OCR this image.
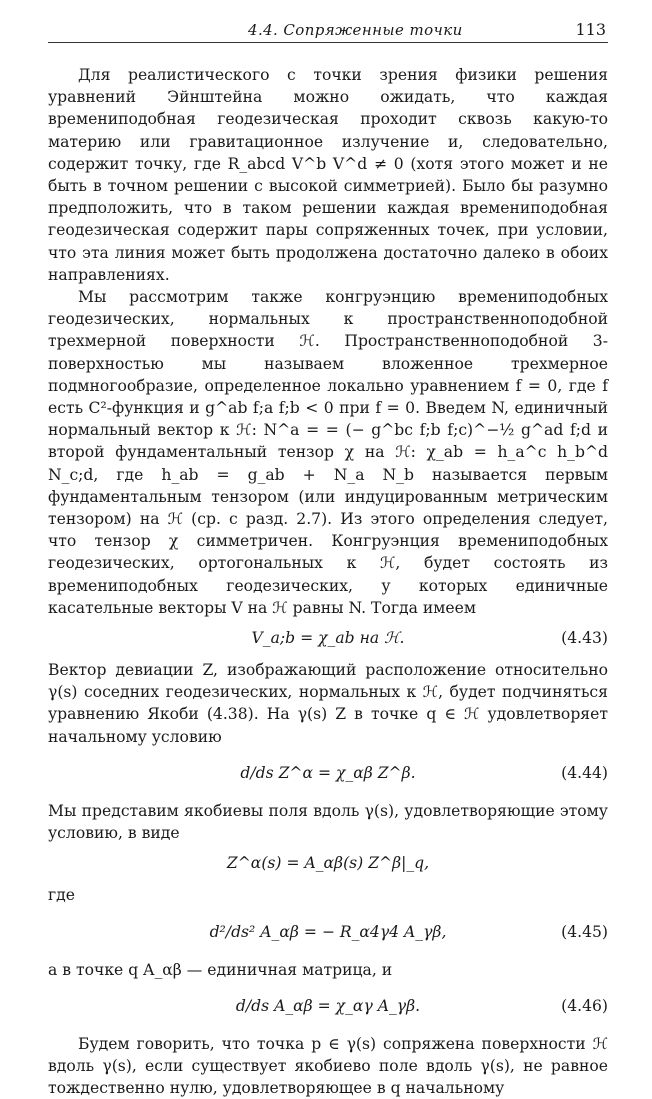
4.4. Сопряженные точки	113

Для реалистического с точки зрения физики решения уравнений Эйнштейна можно ожидать, что каждая времениподобная геодезическая проходит сквозь какую-то материю или гравитационное излучение и, следовательно, содержит точку, где R_abcd V^b V^d ≠ 0 (хотя этого может и не быть в точном решении с высокой симметрией). Было бы разумно предположить, что в таком решении каждая времениподобная геодезическая содержит пары сопряженных точек, при условии, что эта линия может быть продолжена достаточно далеко в обоих направлениях.

Мы рассмотрим также конгруэнцию времениподобных геодезических, нормальных к пространственноподобной трехмерной поверхности ℋ. Пространственноподобной 3-поверхностью мы называем вложенное трехмерное подмногообразие, определенное локально уравнением f = 0, где f есть C²-функция и g^ab f;a f;b < 0 при f = 0. Введем N, единичный нормальный вектор к ℋ: N^a = = (− g^bc f;b f;c)^−½ g^ad f;d и второй фундаментальный тензор χ на ℋ: χ_ab = h_a^c h_b^d N_c;d, где h_ab = g_ab + N_a N_b называется первым фундаментальным тензором (или индуцированным метрическим тензором) на ℋ (ср. с разд. 2.7). Из этого определения следует, что тензор χ симметричен. Конгруэнция времениподобных геодезических, ортогональных к ℋ, будет состоять из времениподобных геодезических, у которых единичные касательные векторы V на ℋ равны N. Тогда имеем

V_a;b = χ_ab на ℋ.	(4.43)

Вектор девиации Z, изображающий расположение относительно γ(s) соседних геодезических, нормальных к ℋ, будет подчиняться уравнению Якоби (4.38). На γ(s) Z в точке q ∈ ℋ удовлетворяет начальному условию

d/ds Z^α = χ_αβ Z^β.	(4.44)

Мы представим якобиевы поля вдоль γ(s), удовлетворяющие этому условию, в виде

Z^α(s) = A_αβ(s) Z^β|_q,

где

d²/ds² A_αβ = − R_α4γ4 A_γβ,	(4.45)

а в точке q A_αβ — единичная матрица, и

d/ds A_αβ = χ_αγ A_γβ.	(4.46)

Будем говорить, что точка p ∈ γ(s) сопряжена поверхности ℋ вдоль γ(s), если существует якобиево поле вдоль γ(s), не равное тождественно нулю, удовлетворяющее в q начальному
